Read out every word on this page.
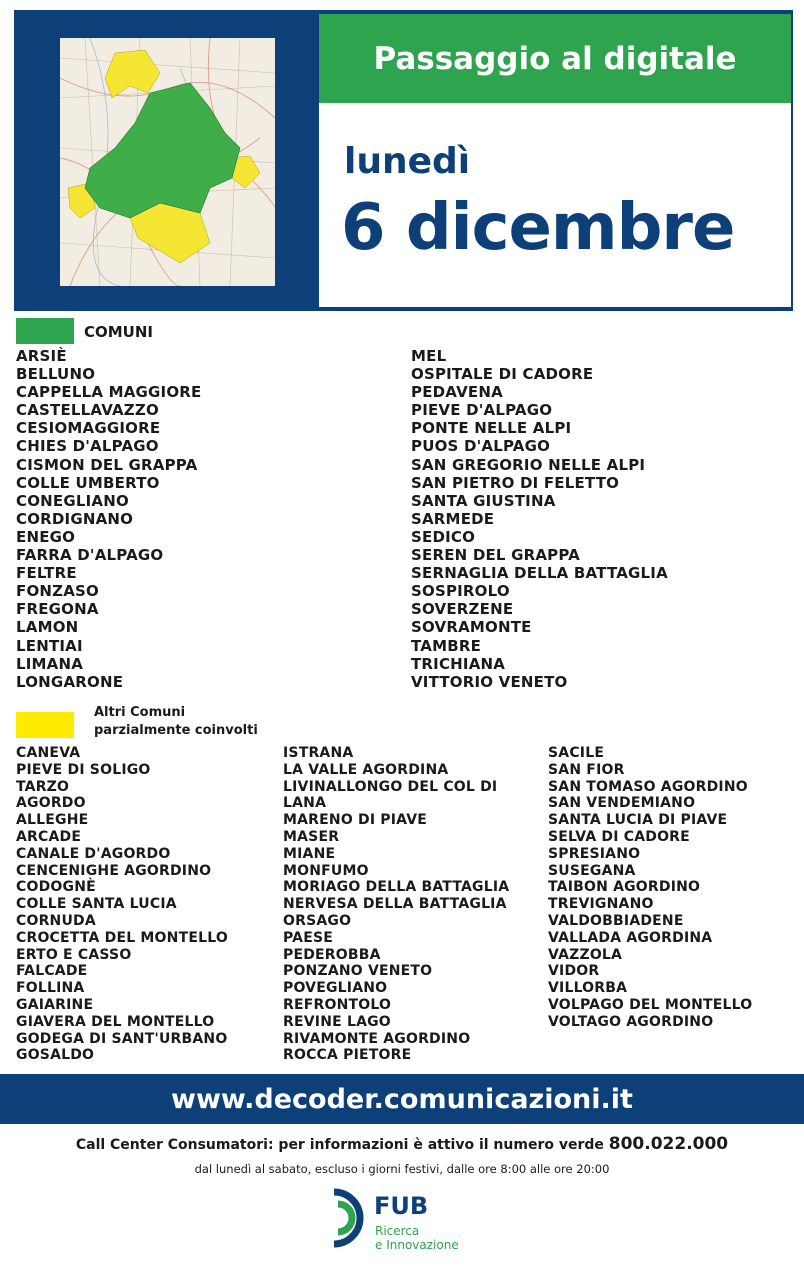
Passaggio al digitale
lunedì
6 dicembre
COMUNI
ARSIÈ
BELLUNO
CAPPELLA MAGGIORE
CASTELLAVAZZO
CESIOMAGGIORE
CHIES D'ALPAGO
CISMON DEL GRAPPA
COLLE UMBERTO
CONEGLIANO
CORDIGNANO
ENEGO
FARRA D'ALPAGO
FELTRE
FONZASO
FREGONA
LAMON
LENTIAI
LIMANA
LONGARONE
MEL
OSPITALE DI CADORE
PEDAVENA
PIEVE D'ALPAGO
PONTE NELLE ALPI
PUOS D'ALPAGO
SAN GREGORIO NELLE ALPI
SAN PIETRO DI FELETTO
SANTA GIUSTINA
SARMEDE
SEDICO
SEREN DEL GRAPPA
SERNAGLIA DELLA BATTAGLIA
SOSPIROLO
SOVERZENE
SOVRAMONTE
TAMBRE
TRICHIANA
VITTORIO VENETO
Altri Comuni
parzialmente coinvolti
CANEVA
PIEVE DI SOLIGO
TARZO
AGORDO
ALLEGHE
ARCADE
CANALE D'AGORDO
CENCENIGHE AGORDINO
CODOGNÈ
COLLE SANTA LUCIA
CORNUDA
CROCETTA DEL MONTELLO
ERTO E CASSO
FALCADE
FOLLINA
GAIARINE
GIAVERA DEL MONTELLO
GODEGA DI SANT'URBANO
GOSALDO
ISTRANA
LA VALLE AGORDINA
LIVINALLONGO DEL COL DI
LANA
MARENO DI PIAVE
MASER
MIANE
MONFUMO
MORIAGO DELLA BATTAGLIA
NERVESA DELLA BATTAGLIA
ORSAGO
PAESE
PEDEROBBA
PONZANO VENETO
POVEGLIANO
REFRONTOLO
REVINE LAGO
RIVAMONTE AGORDINO
ROCCA PIETORE
SACILE
SAN FIOR
SAN TOMASO AGORDINO
SAN VENDEMIANO
SANTA LUCIA DI PIAVE
SELVA DI CADORE
SPRESIANO
SUSEGANA
TAIBON AGORDINO
TREVIGNANO
VALDOBBIADENE
VALLADA AGORDINA
VAZZOLA
VIDOR
VILLORBA
VOLPAGO DEL MONTELLO
VOLTAGO AGORDINO
www.decoder.comunicazioni.it
Call Center Consumatori: per informazioni è attivo il numero verde 800.022.000
dal lunedì al sabato, escluso i giorni festivi, dalle ore 8:00 alle ore 20:00
FUB
Ricerca
e Innovazione
